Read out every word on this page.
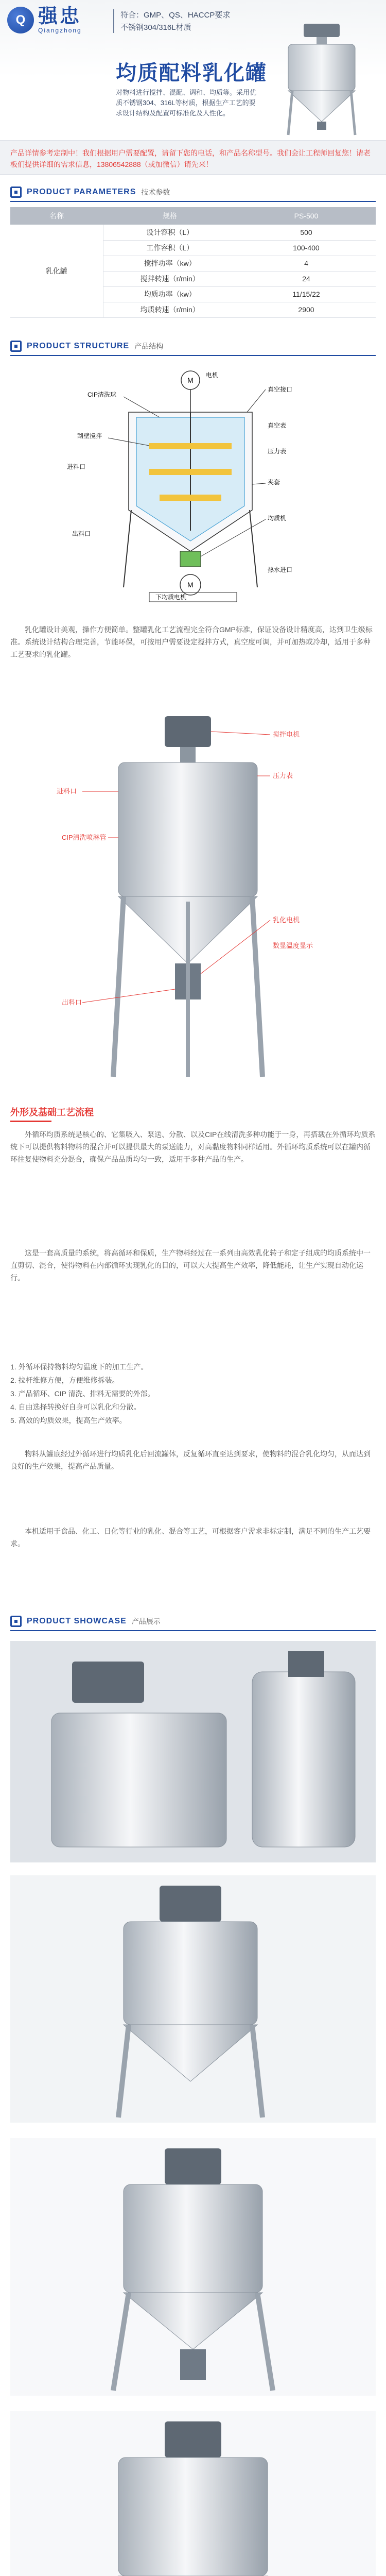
Q 强忠
Qiangzhong
符合：GMP、QS、HACCP要求
不锈钢304/316L材质
均质配料乳化罐
对物料进行搅拌、混配、调和、均质等。采用优质不锈钢304、316L等材质，根据生产工艺的要求设计结构及配置可标准化及人性化。
产品详情参考定制中！我们根据用户需要配置，请留下您的电话，和产品名称型号。我们会让工程师回复您！请老板们提供详细的需求信息，13806542888（或加微信）请先来！
PRODUCT PARAMETERS 技术参数
名称	规格	PS-500
乳化罐	设计容积（L）	500
	工作容积（L）	100-400
	搅拌功率（kw）	4
	搅拌转速（r/min）	24
	均质功率（kw）	11/15/22
	均质转速（r/min）	2900
PRODUCT STRUCTURE 产品结构
M
M
电机
真空接口
CIP清洗球
真空表
刮壁搅拌
压力表
进料口
夹套
均质机
出料口
热水进口
下均质电机
乳化罐设计美观，操作方便简单。整罐乳化工艺流程完全符合GMP标准，保证设备设计精度高，达到卫生级标准。系统设计结构合理完善，节能环保，可按用户需要设定搅拌方式，真空度可调，并可加热或冷却，适用于多种工艺要求的乳化罐。
搅拌电机
进料口
压力表
CIP清洗喷淋管
乳化电机
数显温度显示
出料口
外形及基础工艺流程
外循环均质系统是核心的、它集吸入、泵送、分散、以及CIP在线清洗多种功能于一身，再搭载在外循环均质系统下可以提供物料物料的混合并可以提供最大的泵送能力，对高黏度物料同样适用。外循环均质系统可以在罐内循环往复使物料充分混合，确保产品品质均匀一致，适用于多种产品的生产。
这是一套高质量的系统，将高循环和保质，生产物料经过在一系列由高效乳化转子和定子组成的均质系统中一直剪切、混合，使得物料在内部循环实现乳化的目的，可以大大提高生产效率，降低能耗，让生产实现自动化运行。
1. 外循环保持物料均匀温度下的加工生产。
2. 拉杆维修方便，方便维修拆装。
3. 产品循环、CIP 清洗、排料无需要的外部。
4. 自由选择转换好自身可以乳化和分散。
5. 高效的均质效果，提高生产效率。
物料从罐底经过外循环进行均质乳化后回流罐体，反复循环直至达到要求，使物料的混合乳化均匀，从而达到良好的生产效果，提高产品质量。
本机适用于食品、化工、日化等行业的乳化、混合等工艺，可根据客户需求非标定制，满足不同的生产工艺要求。
PRODUCT SHOWCASE 产品展示
